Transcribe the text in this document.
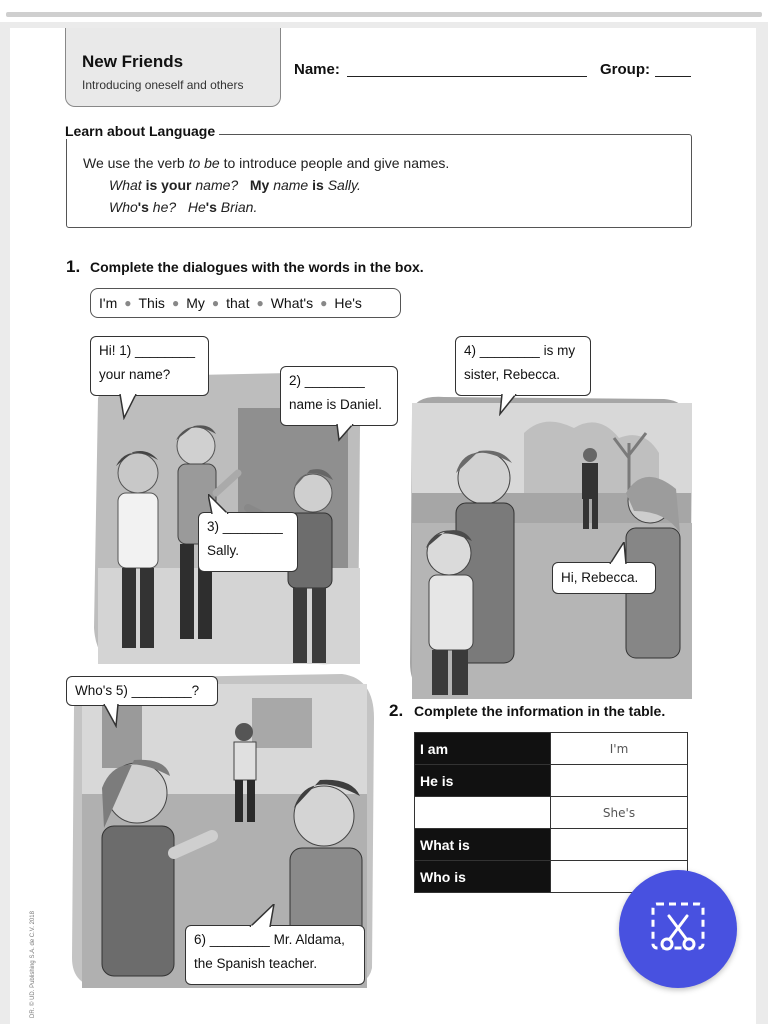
New Friends
Introducing oneself and others
Name:	Group:
We use the verb to be to introduce people and give names.
What is your name?   My name is Sally.
Who's he?   He's Brian.
Learn about Language
1. Complete the dialogues with the words in the box.
I'm ● This ● My ● that ● What's ● He's
Hi! 1) ________
your name?	2) ________
name is Daniel.
3) ________
Sally.
4) ________ is my
sister, Rebecca.
Hi, Rebecca.
Who's 5) ________?
6) ________ Mr. Aldama,
the Spanish teacher.
2. Complete the information in the table.
I am	I'm
He is	
	She's
What is	
Who is	
DR. © UD. Publishing S.A. de C.V. 2018
